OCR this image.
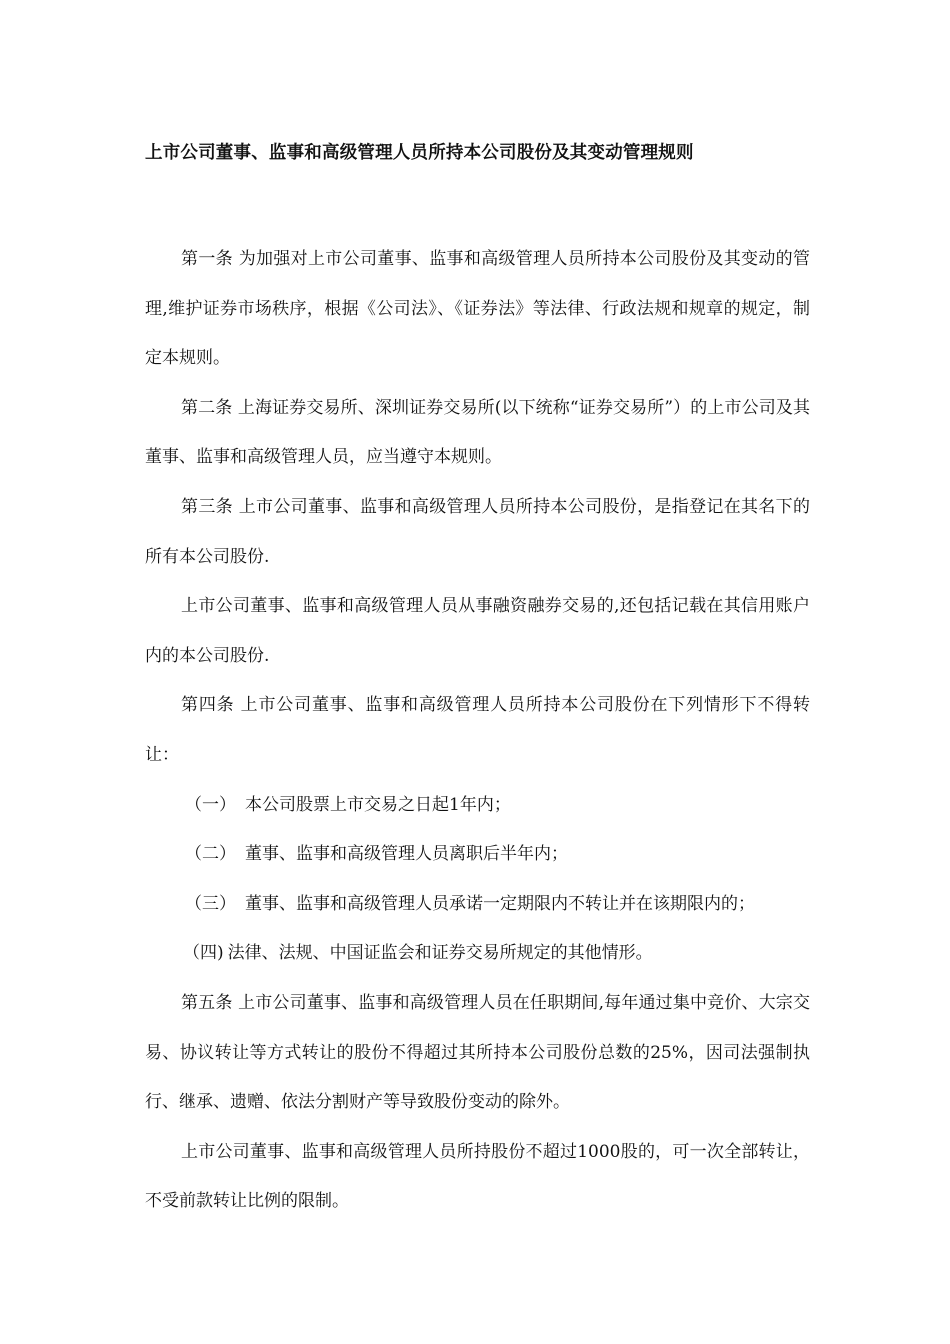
上市公司董事、监事和高级管理人员所持本公司股份及其变动管理规则

第一条 为加强对上市公司董事、监事和高级管理人员所持本公司股份及其变动的管理,维护证券市场秩序，根据《公司法》、《证券法》等法律、行政法规和规章的规定，制定本规则。

第二条 上海证券交易所、深圳证券交易所(以下统称“证券交易所”）的上市公司及其董事、监事和高级管理人员，应当遵守本规则。

第三条 上市公司董事、监事和高级管理人员所持本公司股份，是指登记在其名下的所有本公司股份.

上市公司董事、监事和高级管理人员从事融资融券交易的,还包括记载在其信用账户内的本公司股份.

第四条 上市公司董事、监事和高级管理人员所持本公司股份在下列情形下不得转让：

（一） 本公司股票上市交易之日起1年内；

（二） 董事、监事和高级管理人员离职后半年内；

（三） 董事、监事和高级管理人员承诺一定期限内不转让并在该期限内的；

（四) 法律、法规、中国证监会和证券交易所规定的其他情形。

第五条 上市公司董事、监事和高级管理人员在任职期间,每年通过集中竞价、大宗交易、协议转让等方式转让的股份不得超过其所持本公司股份总数的25%，因司法强制执行、继承、遗赠、依法分割财产等导致股份变动的除外。

上市公司董事、监事和高级管理人员所持股份不超过1000股的，可一次全部转让，不受前款转让比例的限制。
